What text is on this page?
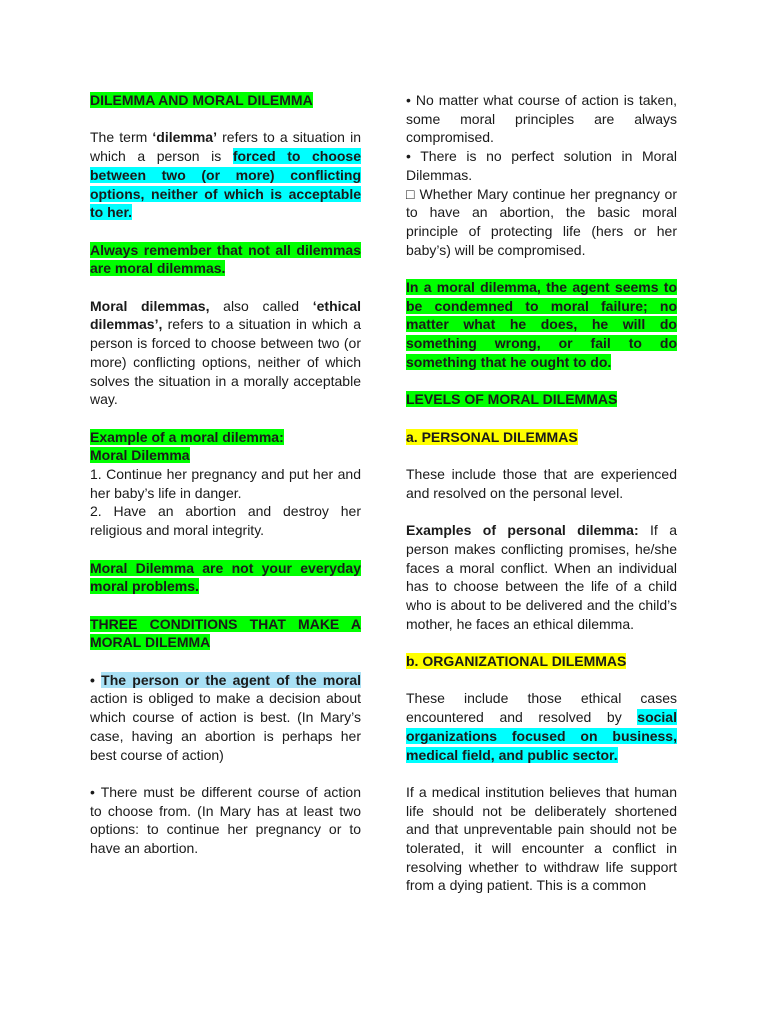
DILEMMA AND MORAL DILEMMA

The term ‘dilemma’ refers to a situation in which a person is forced to choose between two (or more) conflicting options, neither of which is acceptable to her.

Always remember that not all dilemmas are moral dilemmas.

Moral dilemmas, also called ‘ethical dilemmas’, refers to a situation in which a person is forced to choose between two (or more) conflicting options, neither of which solves the situation in a morally acceptable way.

Example of a moral dilemma:

Moral Dilemma

1. Continue her pregnancy and put her and her baby’s life in danger.

2. Have an abortion and destroy her religious and moral integrity.

Moral Dilemma are not your everyday moral problems.

THREE CONDITIONS THAT MAKE A MORAL DILEMMA

• The person or the agent of the moral action is obliged to make a decision about which course of action is best. (In Mary’s case, having an abortion is perhaps her best course of action)

• There must be different course of action to choose from. (In Mary has at least two options: to continue her pregnancy or to have an abortion.

• No matter what course of action is taken, some moral principles are always compromised.

• There is no perfect solution in Moral Dilemmas.

□ Whether Mary continue her pregnancy or to have an abortion, the basic moral principle of protecting life (hers or her baby’s) will be compromised.

In a moral dilemma, the agent seems to be condemned to moral failure; no matter what he does, he will do something wrong, or fail to do something that he ought to do.

LEVELS OF MORAL DILEMMAS

a. PERSONAL DILEMMAS

These include those that are experienced and resolved on the personal level.

Examples of personal dilemma: If a person makes conflicting promises, he/she faces a moral conflict. When an individual has to choose between the life of a child who is about to be delivered and the child’s mother, he faces an ethical dilemma.

b. ORGANIZATIONAL DILEMMAS

These include those ethical cases encountered and resolved by social organizations focused on business, medical field, and public sector.

If a medical institution believes that human life should not be deliberately shortened and that unpreventable pain should not be tolerated, it will encounter a conflict in resolving whether to withdraw life support from a dying patient. This is a common
